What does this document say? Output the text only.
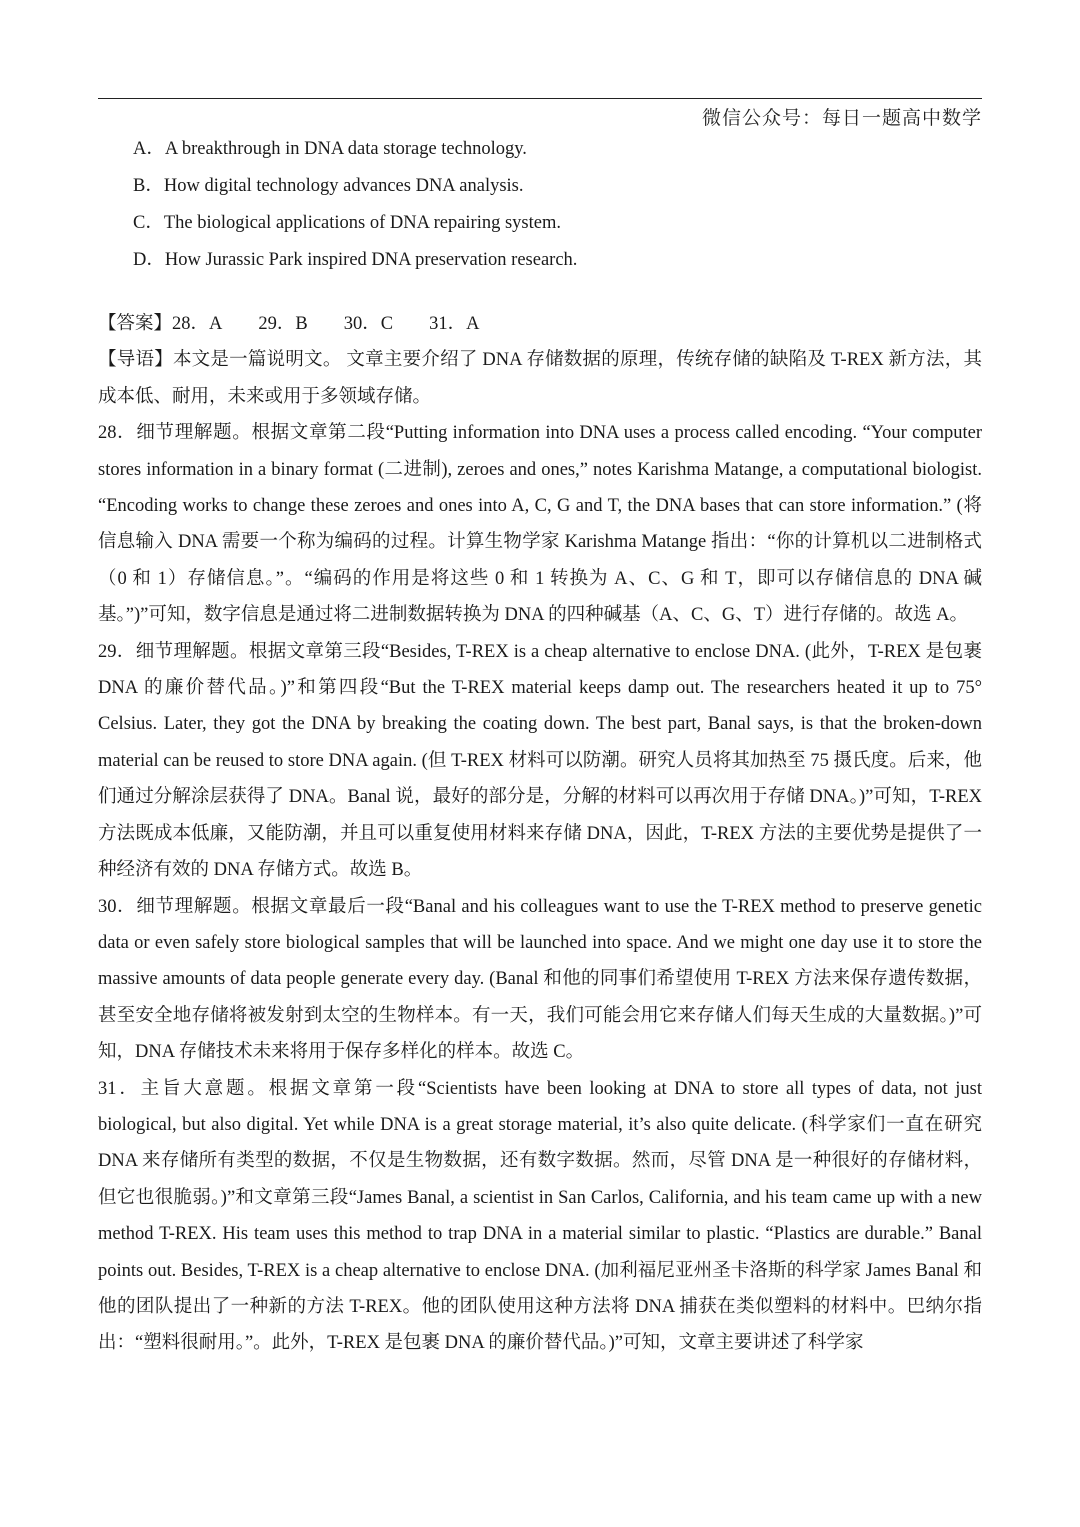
微信公众号：每日一题高中数学
A．A breakthrough in DNA data storage technology.
B．How digital technology advances DNA analysis.
C．The biological applications of DNA repairing system.
D．How Jurassic Park inspired DNA preservation research.
【答案】28．A 29．B 30．C 31．A

【导语】本文是一篇说明文。 文章主要介绍了 DNA 存储数据的原理，传统存储的缺陷及 T-REX 新方法，其成本低、耐用，未来或用于多领域存储。

28．细节理解题。根据文章第二段“Putting information into DNA uses a process called encoding. “Your computer stores information in a binary format (二进制), zeroes and ones,” notes Karishma Matange, a computational biologist. “Encoding works to change these zeroes and ones into A, C, G and T, the DNA bases that can store information.” (将信息输入 DNA 需要一个称为编码的过程。计算生物学家 Karishma Matange 指出：“你的计算机以二进制格式（0 和 1）存储信息。”。“编码的作用是将这些 0 和 1 转换为 A、C、G 和 T，即可以存储信息的 DNA 碱基。”)”可知，数字信息是通过将二进制数据转换为 DNA 的四种碱基（A、C、G、T）进行存储的。故选 A。

29．细节理解题。根据文章第三段“Besides, T-REX is a cheap alternative to enclose DNA. (此外，T-REX 是包裹 DNA 的廉价替代品。)”和第四段“But the T-REX material keeps damp out. The researchers heated it up to 75° Celsius. Later, they got the DNA by breaking the coating down. The best part, Banal says, is that the broken-down material can be reused to store DNA again. (但 T-REX 材料可以防潮。研究人员将其加热至 75 摄氏度。后来，他们通过分解涂层获得了 DNA。Banal 说，最好的部分是，分解的材料可以再次用于存储 DNA。)”可知，T-REX 方法既成本低廉，又能防潮，并且可以重复使用材料来存储 DNA，因此，T-REX 方法的主要优势是提供了一种经济有效的 DNA 存储方式。故选 B。

30．细节理解题。根据文章最后一段“Banal and his colleagues want to use the T-REX method to preserve genetic data or even safely store biological samples that will be launched into space. And we might one day use it to store the massive amounts of data people generate every day. (Banal 和他的同事们希望使用 T-REX 方法来保存遗传数据，甚至安全地存储将被发射到太空的生物样本。有一天，我们可能会用它来存储人们每天生成的大量数据。)”可知，DNA 存储技术未来将用于保存多样化的样本。故选 C。

31．主旨大意题。根据文章第一段“Scientists have been looking at DNA to store all types of data, not just biological, but also digital. Yet while DNA is a great storage material, it’s also quite delicate. (科学家们一直在研究 DNA 来存储所有类型的数据，不仅是生物数据，还有数字数据。然而，尽管 DNA 是一种很好的存储材料，但它也很脆弱。)”和文章第三段“James Banal, a scientist in San Carlos, California, and his team came up with a new method T-REX. His team uses this method to trap DNA in a material similar to plastic. “Plastics are durable.” Banal points out. Besides, T-REX is a cheap alternative to enclose DNA. (加利福尼亚州圣卡洛斯的科学家 James Banal 和他的团队提出了一种新的方法 T-REX。他的团队使用这种方法将 DNA 捕获在类似塑料的材料中。巴纳尔指出：“塑料很耐用。”。此外，T-REX 是包裹 DNA 的廉价替代品。)”可知，文章主要讲述了科学家
